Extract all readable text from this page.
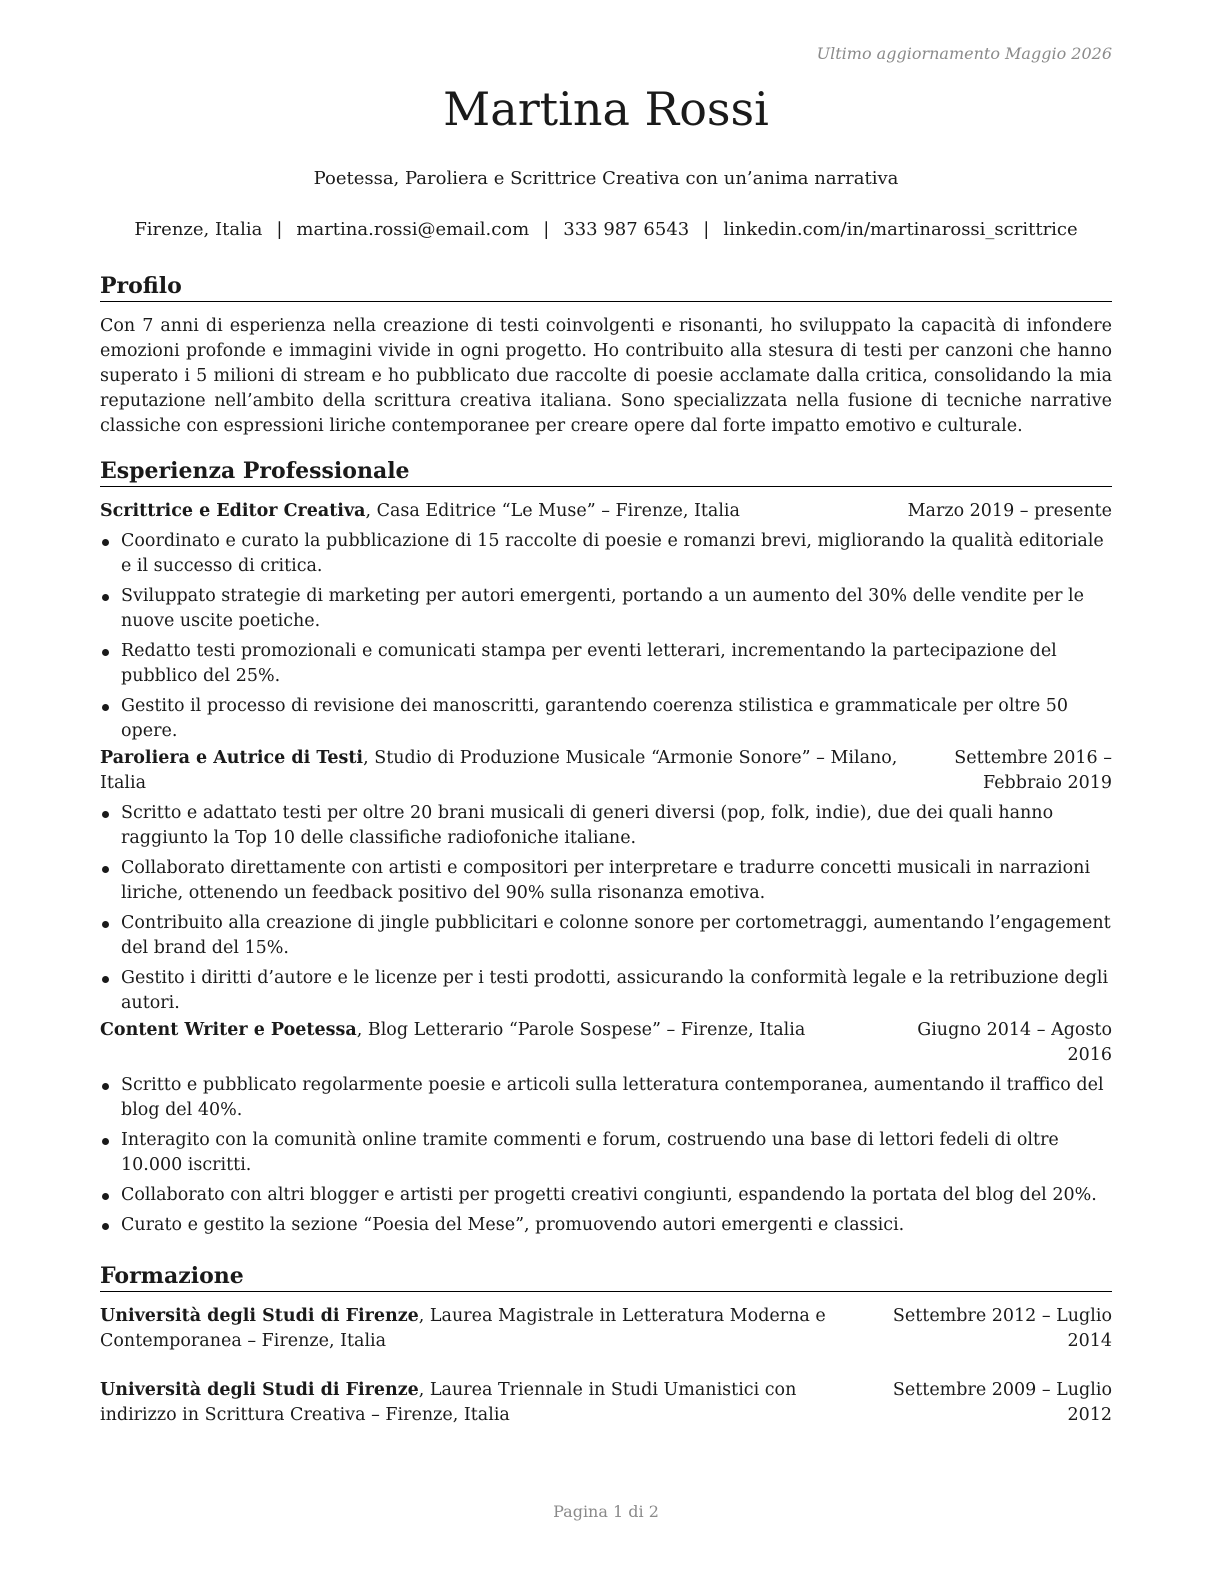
Ultimo aggiornamento Maggio 2026
Martina Rossi
Poetessa, Paroliera e Scrittrice Creativa con un’anima narrativa
Firenze, Italia | martina.rossi@email.com | 333 987 6543 | linkedin.com/in/martinarossi_scrittrice
Profilo
Con 7 anni di esperienza nella creazione di testi coinvolgenti e risonanti, ho sviluppato la capacità di infondere emozioni profonde e immagini vivide in ogni progetto. Ho contribuito alla stesura di testi per canzoni che hanno superato i 5 milioni di stream e ho pubblicato due raccolte di poesie acclamate dalla critica, consolidando la mia reputazione nell’ambito della scrittura creativa italiana. Sono specializzata nella fusione di tecniche narrative classiche con espressioni liriche contemporanee per creare opere dal forte impatto emotivo e culturale.
Esperienza Professionale
Scrittrice e Editor Creativa, Casa Editrice “Le Muse” – Firenze, Italia	Marzo 2019 – presente
Coordinato e curato la pubblicazione di 15 raccolte di poesie e romanzi brevi, migliorando la qualità editoriale e il successo di critica.
Sviluppato strategie di marketing per autori emergenti, portando a un aumento del 30% delle vendite per le nuove uscite poetiche.
Redatto testi promozionali e comunicati stampa per eventi letterari, incrementando la partecipazione del pubblico del 25%.
Gestito il processo di revisione dei manoscritti, garantendo coerenza stilistica e grammaticale per oltre 50 opere.
Paroliera e Autrice di Testi, Studio di Produzione Musicale “Armonie Sonore” – Milano, Italia
Settembre 2016 – Febbraio 2019
Scritto e adattato testi per oltre 20 brani musicali di generi diversi (pop, folk, indie), due dei quali hanno raggiunto la Top 10 delle classifiche radiofoniche italiane.
Collaborato direttamente con artisti e compositori per interpretare e tradurre concetti musicali in narrazioni liriche, ottenendo un feedback positivo del 90% sulla risonanza emotiva.
Contribuito alla creazione di jingle pubblicitari e colonne sonore per cortometraggi, aumentando l’engagement del brand del 15%.
Gestito i diritti d’autore e le licenze per i testi prodotti, assicurando la conformità legale e la retribuzione degli autori.
Content Writer e Poetessa, Blog Letterario “Parole Sospese” – Firenze, Italia	Giugno 2014 – Agosto 2016
Scritto e pubblicato regolarmente poesie e articoli sulla letteratura contemporanea, aumentando il traffico del blog del 40%.
Interagito con la comunità online tramite commenti e forum, costruendo una base di lettori fedeli di oltre 10.000 iscritti.
Collaborato con altri blogger e artisti per progetti creativi congiunti, espandendo la portata del blog del 20%.
Curato e gestito la sezione “Poesia del Mese”, promuovendo autori emergenti e classici.
Formazione
Università degli Studi di Firenze, Laurea Magistrale in Letteratura Moderna e Contemporanea – Firenze, Italia
Settembre 2012 – Luglio 2014
Università degli Studi di Firenze, Laurea Triennale in Studi Umanistici con indirizzo in Scrittura Creativa – Firenze, Italia
Settembre 2009 – Luglio 2012
Pagina 1 di 2
